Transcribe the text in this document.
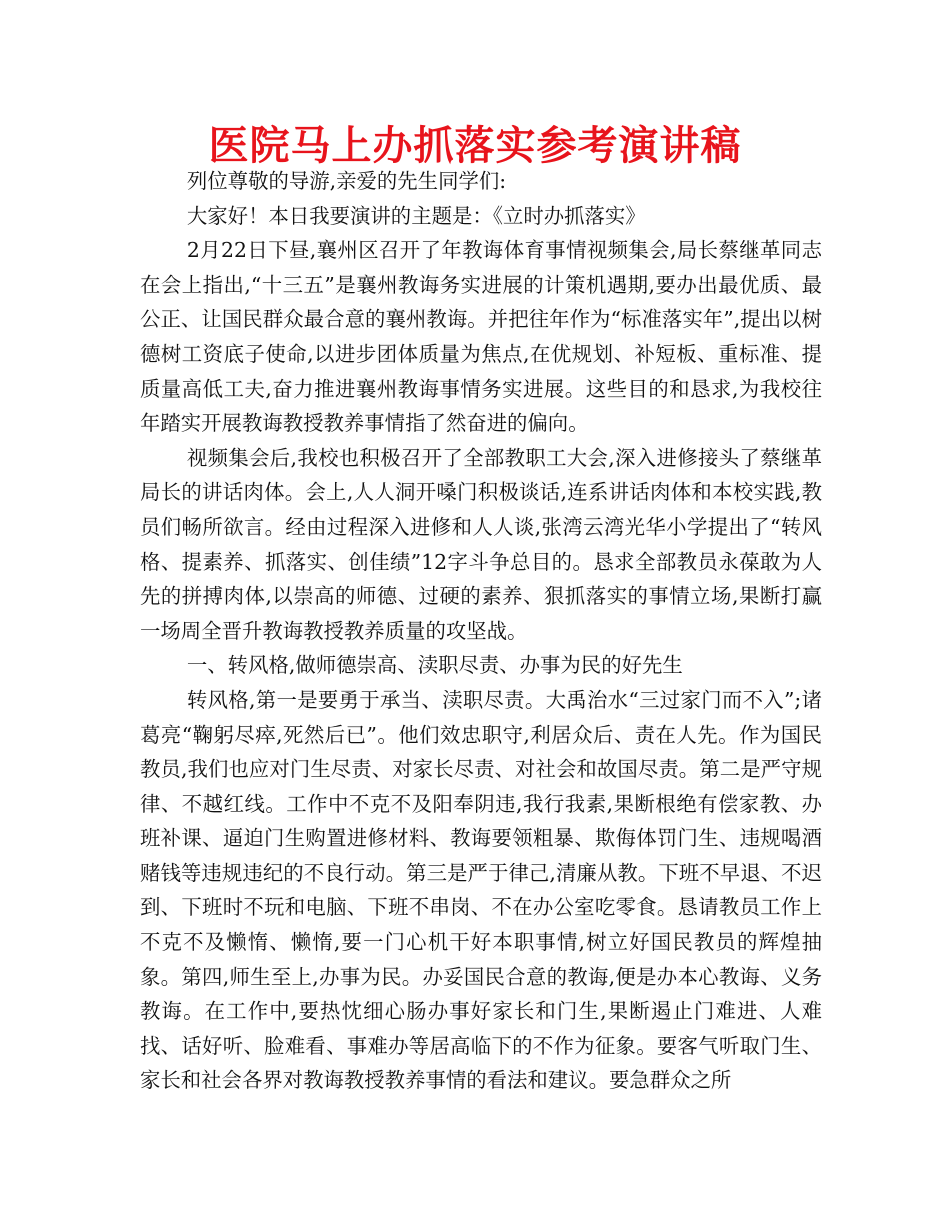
医院马上办抓落实参考演讲稿

列位尊敬的导游,亲爱的先生同学们:

大家好！本日我要演讲的主题是：《立时办抓落实》

2月22日下昼,襄州区召开了年教诲体育事情视频集会,局长蔡继革同志在会上指出,“十三五”是襄州教诲务实进展的计策机遇期,要办出最优质、最公正、让国民群众最合意的襄州教诲。并把往年作为“标准落实年”,提出以树德树工资底子使命,以进步团体质量为焦点,在优规划、补短板、重标准、提质量高低工夫,奋力推进襄州教诲事情务实进展。这些目的和恳求,为我校往年踏实开展教诲教授教养事情指了然奋进的偏向。

视频集会后,我校也积极召开了全部教职工大会,深入进修接头了蔡继革局长的讲话肉体。会上,人人洞开嗓门积极谈话,连系讲话肉体和本校实践,教员们畅所欲言。经由过程深入进修和人人谈,张湾云湾光华小学提出了“转风格、提素养、抓落实、创佳绩”12字斗争总目的。恳求全部教员永葆敢为人先的拼搏肉体,以崇高的师德、过硬的素养、狠抓落实的事情立场,果断打赢一场周全晋升教诲教授教养质量的攻坚战。

一、转风格,做师德崇高、渎职尽责、办事为民的好先生

转风格,第一是要勇于承当、渎职尽责。大禹治水“三过家门而不入”;诸葛亮“鞠躬尽瘁,死然后已”。他们效忠职守,利居众后、责在人先。作为国民教员,我们也应对门生尽责、对家长尽责、对社会和故国尽责。第二是严守规律、不越红线。工作中不克不及阳奉阴违,我行我素,果断根绝有偿家教、办班补课、逼迫门生购置进修材料、教诲要领粗暴、欺侮体罚门生、违规喝酒赌钱等违规违纪的不良行动。第三是严于律己,清廉从教。下班不早退、不迟到、下班时不玩和电脑、下班不串岗、不在办公室吃零食。恳请教员工作上不克不及懒惰、懒惰,要一门心机干好本职事情,树立好国民教员的辉煌抽象。第四,师生至上,办事为民。办妥国民合意的教诲,便是办本心教诲、义务教诲。在工作中,要热忱细心肠办事好家长和门生,果断遏止门难进、人难找、话好听、脸难看、事难办等居高临下的不作为征象。要客气听取门生、家长和社会各界对教诲教授教养事情的看法和建议。要急群众之所
